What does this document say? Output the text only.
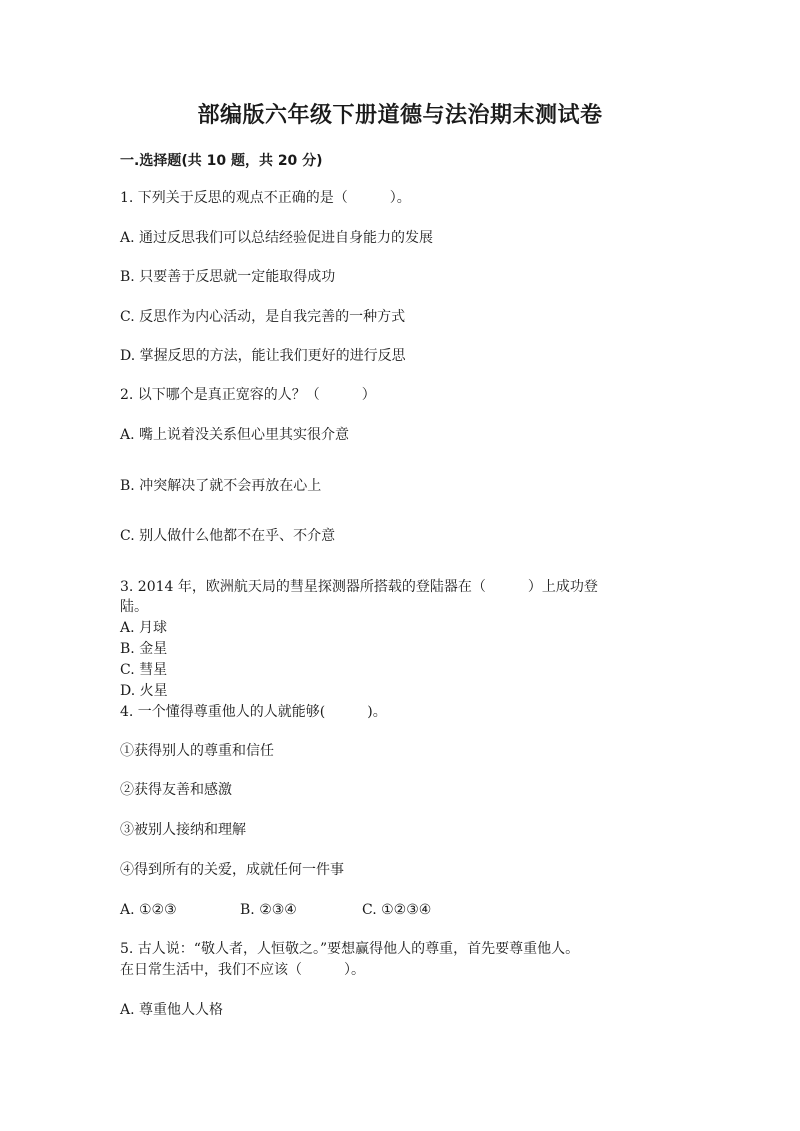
部编版六年级下册道德与法治期末测试卷
一.选择题(共 10 题，共 20 分)
1. 下列关于反思的观点不正确的是（　　　）。
A. 通过反思我们可以总结经验促进自身能力的发展
B. 只要善于反思就一定能取得成功
C. 反思作为内心活动，是自我完善的一种方式
D. 掌握反思的方法，能让我们更好的进行反思
2. 以下哪个是真正宽容的人？（　　　）
A. 嘴上说着没关系但心里其实很介意
B. 冲突解决了就不会再放在心上
C. 别人做什么他都不在乎、不介意
3. 2014 年，欧洲航天局的彗星探测器所搭载的登陆器在（　　　）上成功登
陆。
A. 月球
B. 金星
C. 彗星
D. 火星
4. 一个懂得尊重他人的人就能够(　　　)。
①获得别人的尊重和信任
②获得友善和感激
③被别人接纳和理解
④得到所有的关爱，成就任何一件事
A. ①②③	B. ②③④	C. ①②③④
5. 古人说：“敬人者，人恒敬之。”要想赢得他人的尊重，首先要尊重他人。
在日常生活中，我们不应该（　　　）。
A. 尊重他人人格
